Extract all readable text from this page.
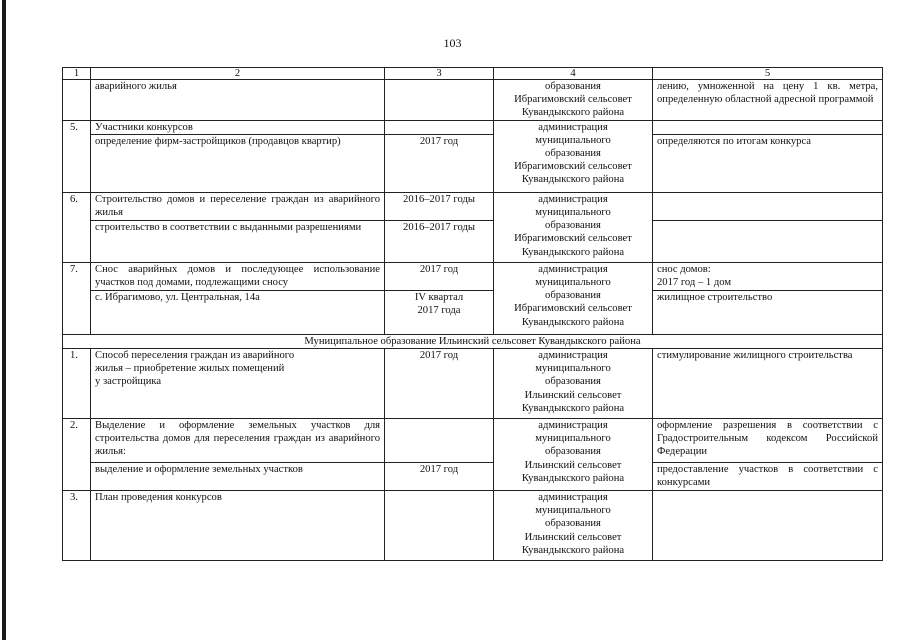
103
1	2	3	4	5
	аварийного жилья		образования
Ибрагимовский сельсовет
Кувандыкского района	лению, умноженной на цену 1 кв. метра, определенную областной адресной программой
5.	Участники конкурсов		администрация
муниципального
образования
Ибрагимовский сельсовет
Кувандыкского района	
	определение фирм-застройщиков (продавцов квартир)	2017 год		определяются по итогам конкурса
6.	Строительство домов и переселение граждан из аварийного жилья	2016–2017 годы	администрация
муниципального
образования
Ибрагимовский сельсовет
Кувандыкского района	
	строительство в соответствии с выданными разрешениями	2016–2017 годы		
7.	Снос аварийных домов и последующее использование участков под домами, подлежащими сносу	2017 год	администрация
муниципального
образования
Ибрагимовский сельсовет
Кувандыкского района	снос домов:
2017 год – 1 дом
	с. Ибрагимово, ул. Центральная, 14а	IV квартал
2017 года		жилищное строительство
Муниципальное образование Ильинский сельсовет Кувандыкского района				
1.	Способ переселения граждан из аварийного
жилья – приобретение жилых помещений
у застройщика	2017 год	администрация
муниципального
образования
Ильинский сельсовет
Кувандыкского района	стимулирование жилищного строительства
2.	Выделение и оформление земельных участков для строительства домов для переселения граждан из аварийного жилья:		администрация
муниципального
образования
Ильинский сельсовет
Кувандыкского района	оформление разрешения в соответствии с Градостроительным кодексом Российской Федерации
	выделение и оформление земельных участков	2017 год		предоставление участков в соответствии с конкурсами
3.	План проведения конкурсов		администрация
муниципального
образования
Ильинский сельсовет
Кувандыкского района	
